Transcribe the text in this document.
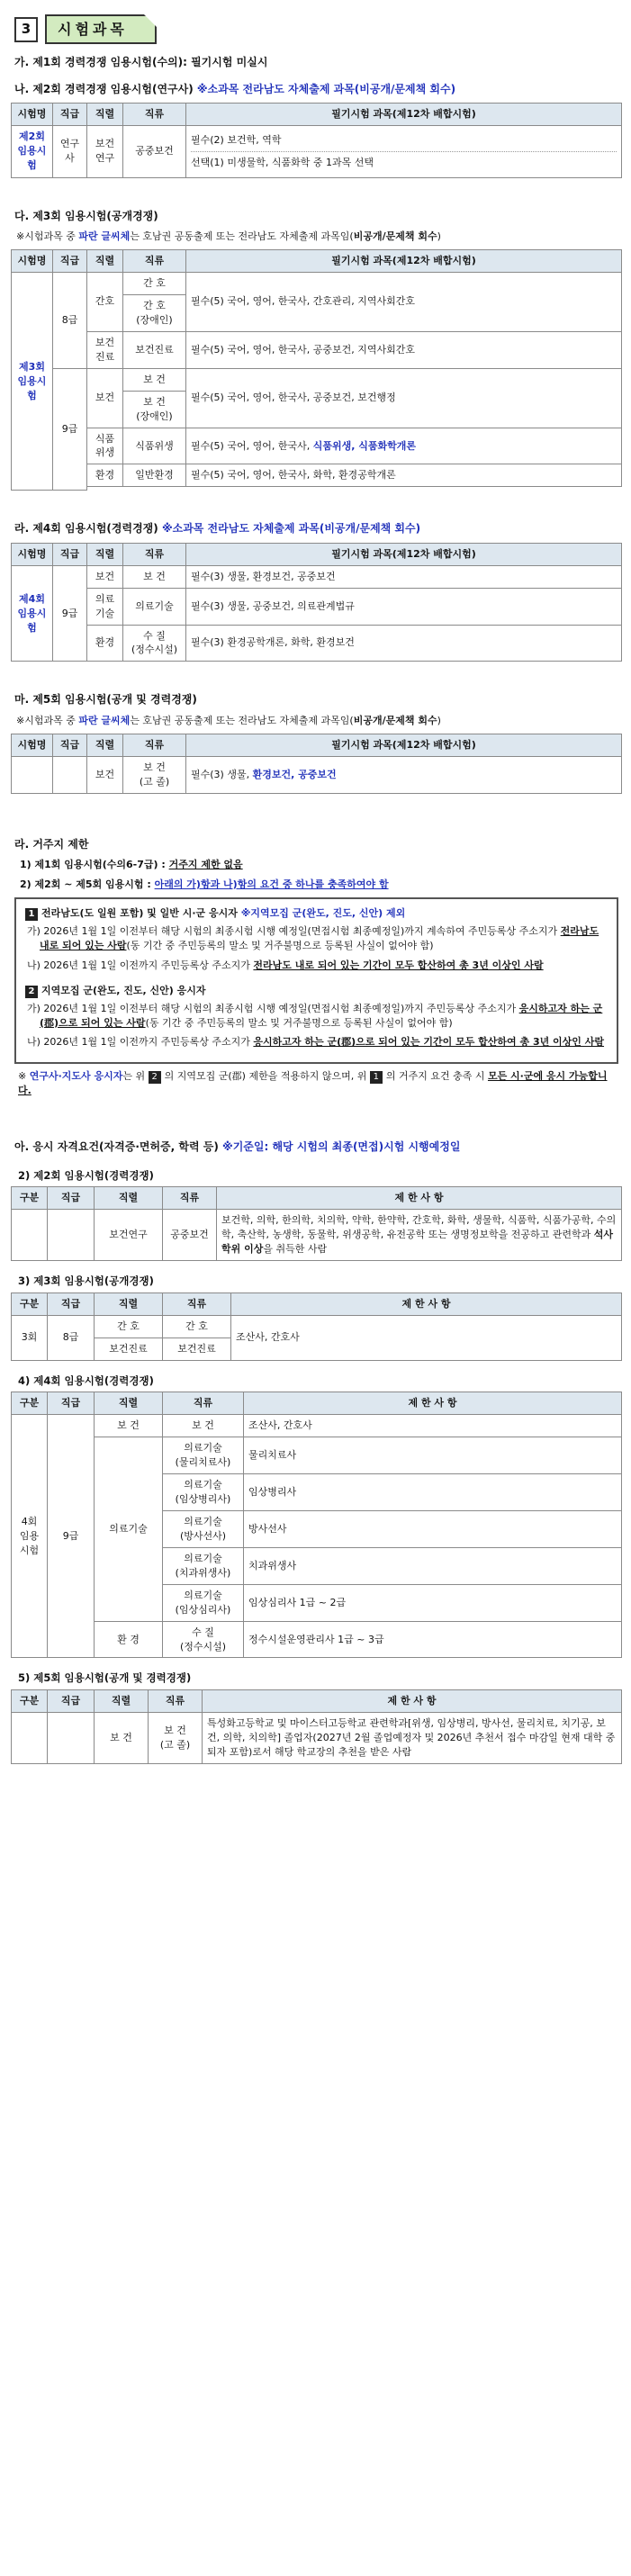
3	시험과목
가. 제1회 경력경쟁 임용시험(수의): 필기시험 미실시
나. 제2회 경력경쟁 임용시험(연구사) ※소과목 전라남도 자체출제 과목(비공개/문제책 회수)
시험명	직급	직렬	직류	필기시험 과목(제12차 배합시험)
제2회 임용시험	연구사	보건연구	공중보건	필수(2) 보건학, 역학
선택(1) 미생물학, 식품화학 중 1과목 선택
다. 제3회 임용시험(공개경쟁)
※시험과목 중 파란 글씨체는 호남권 공동출제 또는 전라남도 자체출제 과목임(비공개/문제책 회수)
시험명	직급	직렬	직류	필기시험 과목(제12차 배합시험)
제3회 임용시험	8급	간호	간 호	필수(5) 국어, 영어, 한국사, 간호관리, 지역사회간호

			간 호
(장애인)	

		보건진료	보건진료	필수(5) 국어, 영어, 한국사, 공중보건, 지역사회간호
	9급	보건	보 건	필수(5) 국어, 영어, 한국사, 공중보건, 보건행정

			보 건
(장애인)	

		식품위생	식품위생	필수(5) 국어, 영어, 한국사, 식품위생, 식품화학개론
		환경	일반환경	필수(5) 국어, 영어, 한국사, 화학, 환경공학개론

라. 제4회 임용시험(경력경쟁) ※소과목 전라남도 자체출제 과목(비공개/문제책 회수)
시험명	직급	직렬	직류	필기시험 과목(제12차 배합시험)
제4회 임용시험	9급	보건	보 건	필수(3) 생물, 환경보건, 공중보건
		의료기술	의료기술	필수(3) 생물, 공중보건, 의료관계법규
		환경	수 질
(정수시설)	필수(3) 환경공학개론, 화학, 환경보건
마. 제5회 임용시험(공개 및 경력경쟁)
※시험과목 중 파란 글씨체는 호남권 공동출제 또는 전라남도 자체출제 과목임(비공개/문제책 회수)
시험명	직급	직렬	직류	필기시험 과목(제12차 배합시험)
		보건	보 건
(고 졸)	필수(3) 생물, 환경보건, 공중보건
라. 거주지 제한
1) 제1회 임용시험(수의6-7급) : 거주지 제한 없음
2) 제2회 ~ 제5회 임용시험 : 아래의 가)항과 나)항의 요건 중 하나를 충족하여야 함
1 전라남도(도 일원 포함) 및 일반 시·군 응시자 ※지역모집 군(완도, 진도, 신안) 제외
가) 2026년 1월 1일 이전부터 해당 시험의 최종시험 시행 예정일(면접시험 최종예정일)까지 계속하여 주민등록상 주소지가 전라남도 내로 되어 있는 사람(동 기간 중 주민등록의 말소 및 거주불명으로 등록된 사실이 없어야 함)
나) 2026년 1월 1일 이전까지 주민등록상 주소지가 전라남도 내로 되어 있는 기간이 모두 합산하여 총 3년 이상인 사람
2 지역모집 군(완도, 진도, 신안) 응시자
가) 2026년 1월 1일 이전부터 해당 시험의 최종시험 시행 예정일(면접시험 최종예정일)까지 주민등록상 주소지가 응시하고자 하는 군(郡)으로 되어 있는 사람(동 기간 중 주민등록의 말소 및 거주불명으로 등록된 사실이 없어야 함)
나) 2026년 1월 1일 이전까지 주민등록상 주소지가 응시하고자 하는 군(郡)으로 되어 있는 기간이 모두 합산하여 총 3년 이상인 사람
※ 연구사·지도사 응시자는 위 2 의 지역모집 군(郡) 제한을 적용하지 않으며, 위 1 의 거주지 요건 충족 시 모든 시·군에 응시 가능합니다.
아. 응시 자격요건(자격증·면허증, 학력 등) ※기준일: 해당 시험의 최종(면접)시험 시행예정일
2) 제2회 임용시험(경력경쟁)
구분	직급	직렬	직류	제 한 사 항
		보건연구	공중보건	보건학, 의학, 한의학, 치의학, 약학, 한약학, 간호학, 화학, 생물학, 식품학, 식품가공학, 수의학, 축산학, 농생학, 동물학, 위생공학, 유전공학 또는 생명정보학을 전공하고 관련학과 석사학위 이상을 취득한 사람
3) 제3회 임용시험(공개경쟁)
구분	직급	직렬	직류	제 한 사 항
3회	8급	간 호	간 호	조산사, 간호사
		보건진료	보건진료	
4) 제4회 임용시험(경력경쟁)
구분	직급	직렬	직류	제 한 사 항
4회 임용 시험	9급	보 건	보 건	조산사, 간호사
		의료기술	의료기술
(물리치료사)	물리치료사

			의료기술
(임상병리사)	임상병리사

			의료기술
(방사선사)	방사선사

			의료기술
(치과위생사)	치과위생사

			의료기술
(임상심리사)	임상심리사 1급 ~ 2급
		환 경	수 질
(정수시설)	정수시설운영관리사 1급 ~ 3급
5) 제5회 임용시험(공개 및 경력경쟁)
구분	직급	직렬	직류	제 한 사 항
		보 건	보 건
(고 졸)	특성화고등학교 및 마이스터고등학교 관련학과[위생, 임상병리, 방사선, 물리치료, 치기공, 보건, 의학, 치의학] 졸업자(2027년 2월 졸업예정자 및 2026년 추천서 접수 마감일 현재 대학 중퇴자 포함)로서 해당 학교장의 추천을 받은 사람
